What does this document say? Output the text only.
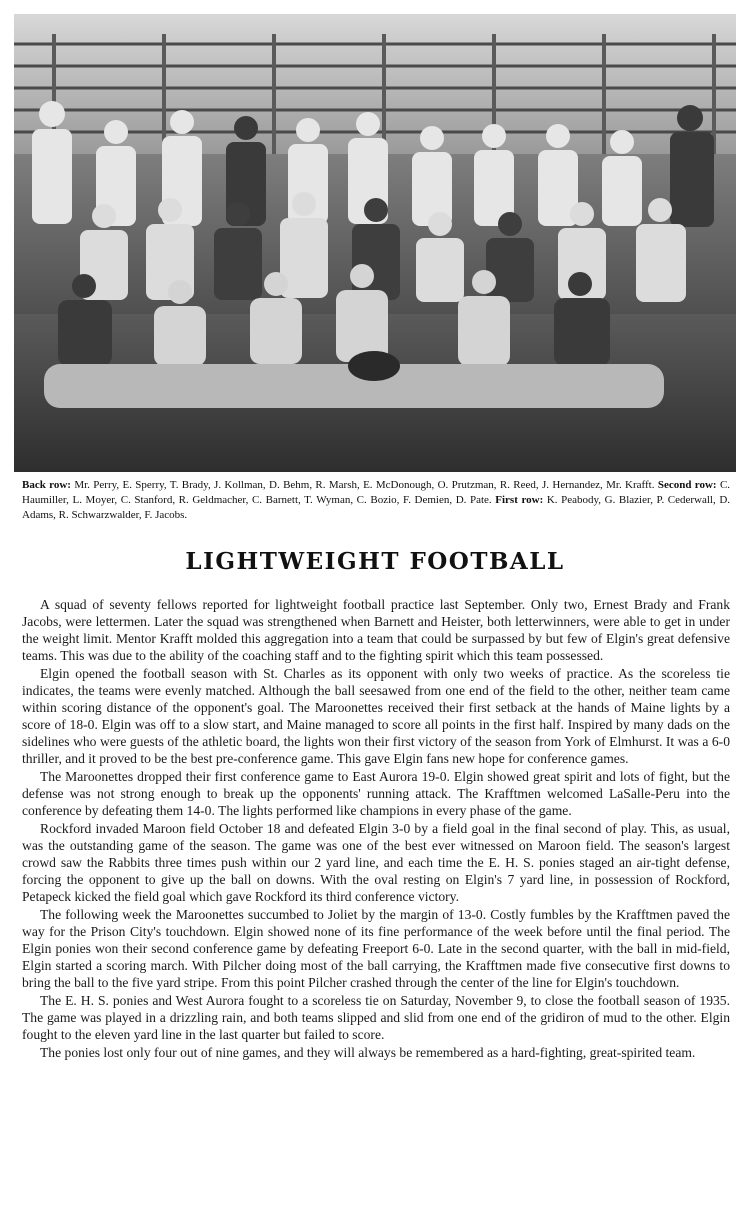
Back row: Mr. Perry, E. Sperry, T. Brady, J. Kollman, D. Behm, R. Marsh, E. McDonough, O. Prutzman, R. Reed, J. Hernandez, Mr. Krafft. Second row: C. Haumiller, L. Moyer, C. Stanford, R. Geldmacher, C. Barnett, T. Wyman, C. Bozio, F. Demien, D. Pate. First row: K. Peabody, G. Blazier, P. Cederwall, D. Adams, R. Schwarzwalder, F. Jacobs.
LIGHTWEIGHT FOOTBALL

A squad of seventy fellows reported for lightweight football practice last September. Only two, Ernest Brady and Frank Jacobs, were lettermen. Later the squad was strengthened when Barnett and Heister, both letterwinners, were able to get in under the weight limit. Mentor Krafft molded this aggregation into a team that could be surpassed by but few of Elgin's great defensive teams. This was due to the ability of the coaching staff and to the fighting spirit which this team possessed.

Elgin opened the football season with St. Charles as its opponent with only two weeks of practice. As the scoreless tie indicates, the teams were evenly matched. Although the ball seesawed from one end of the field to the other, neither team came within scoring distance of the opponent's goal. The Maroonettes received their first setback at the hands of Maine lights by a score of 18-0. Elgin was off to a slow start, and Maine managed to score all points in the first half. Inspired by many dads on the sidelines who were guests of the athletic board, the lights won their first victory of the season from York of Elmhurst. It was a 6-0 thriller, and it proved to be the best pre-conference game. This gave Elgin fans new hope for conference games.

The Maroonettes dropped their first conference game to East Aurora 19-0. Elgin showed great spirit and lots of fight, but the defense was not strong enough to break up the opponents' running attack. The Krafftmen welcomed LaSalle-Peru into the conference by defeating them 14-0. The lights performed like champions in every phase of the game.

Rockford invaded Maroon field October 18 and defeated Elgin 3-0 by a field goal in the final second of play. This, as usual, was the outstanding game of the season. The game was one of the best ever witnessed on Maroon field. The season's largest crowd saw the Rabbits three times push within our 2 yard line, and each time the E. H. S. ponies staged an air-tight defense, forcing the opponent to give up the ball on downs. With the oval resting on Elgin's 7 yard line, in possession of Rockford, Petapeck kicked the field goal which gave Rockford its third conference victory.

The following week the Maroonettes succumbed to Joliet by the margin of 13-0. Costly fumbles by the Krafftmen paved the way for the Prison City's touchdown. Elgin showed none of its fine performance of the week before until the final period. The Elgin ponies won their second conference game by defeating Freeport 6-0. Late in the second quarter, with the ball in mid-field, Elgin started a scoring march. With Pilcher doing most of the ball carrying, the Krafftmen made five consecutive first downs to bring the ball to the five yard stripe. From this point Pilcher crashed through the center of the line for Elgin's touchdown.

The E. H. S. ponies and West Aurora fought to a scoreless tie on Saturday, November 9, to close the football season of 1935. The game was played in a drizzling rain, and both teams slipped and slid from one end of the gridiron of mud to the other. Elgin fought to the eleven yard line in the last quarter but failed to score.

The ponies lost only four out of nine games, and they will always be remembered as a hard-fighting, great-spirited team.
